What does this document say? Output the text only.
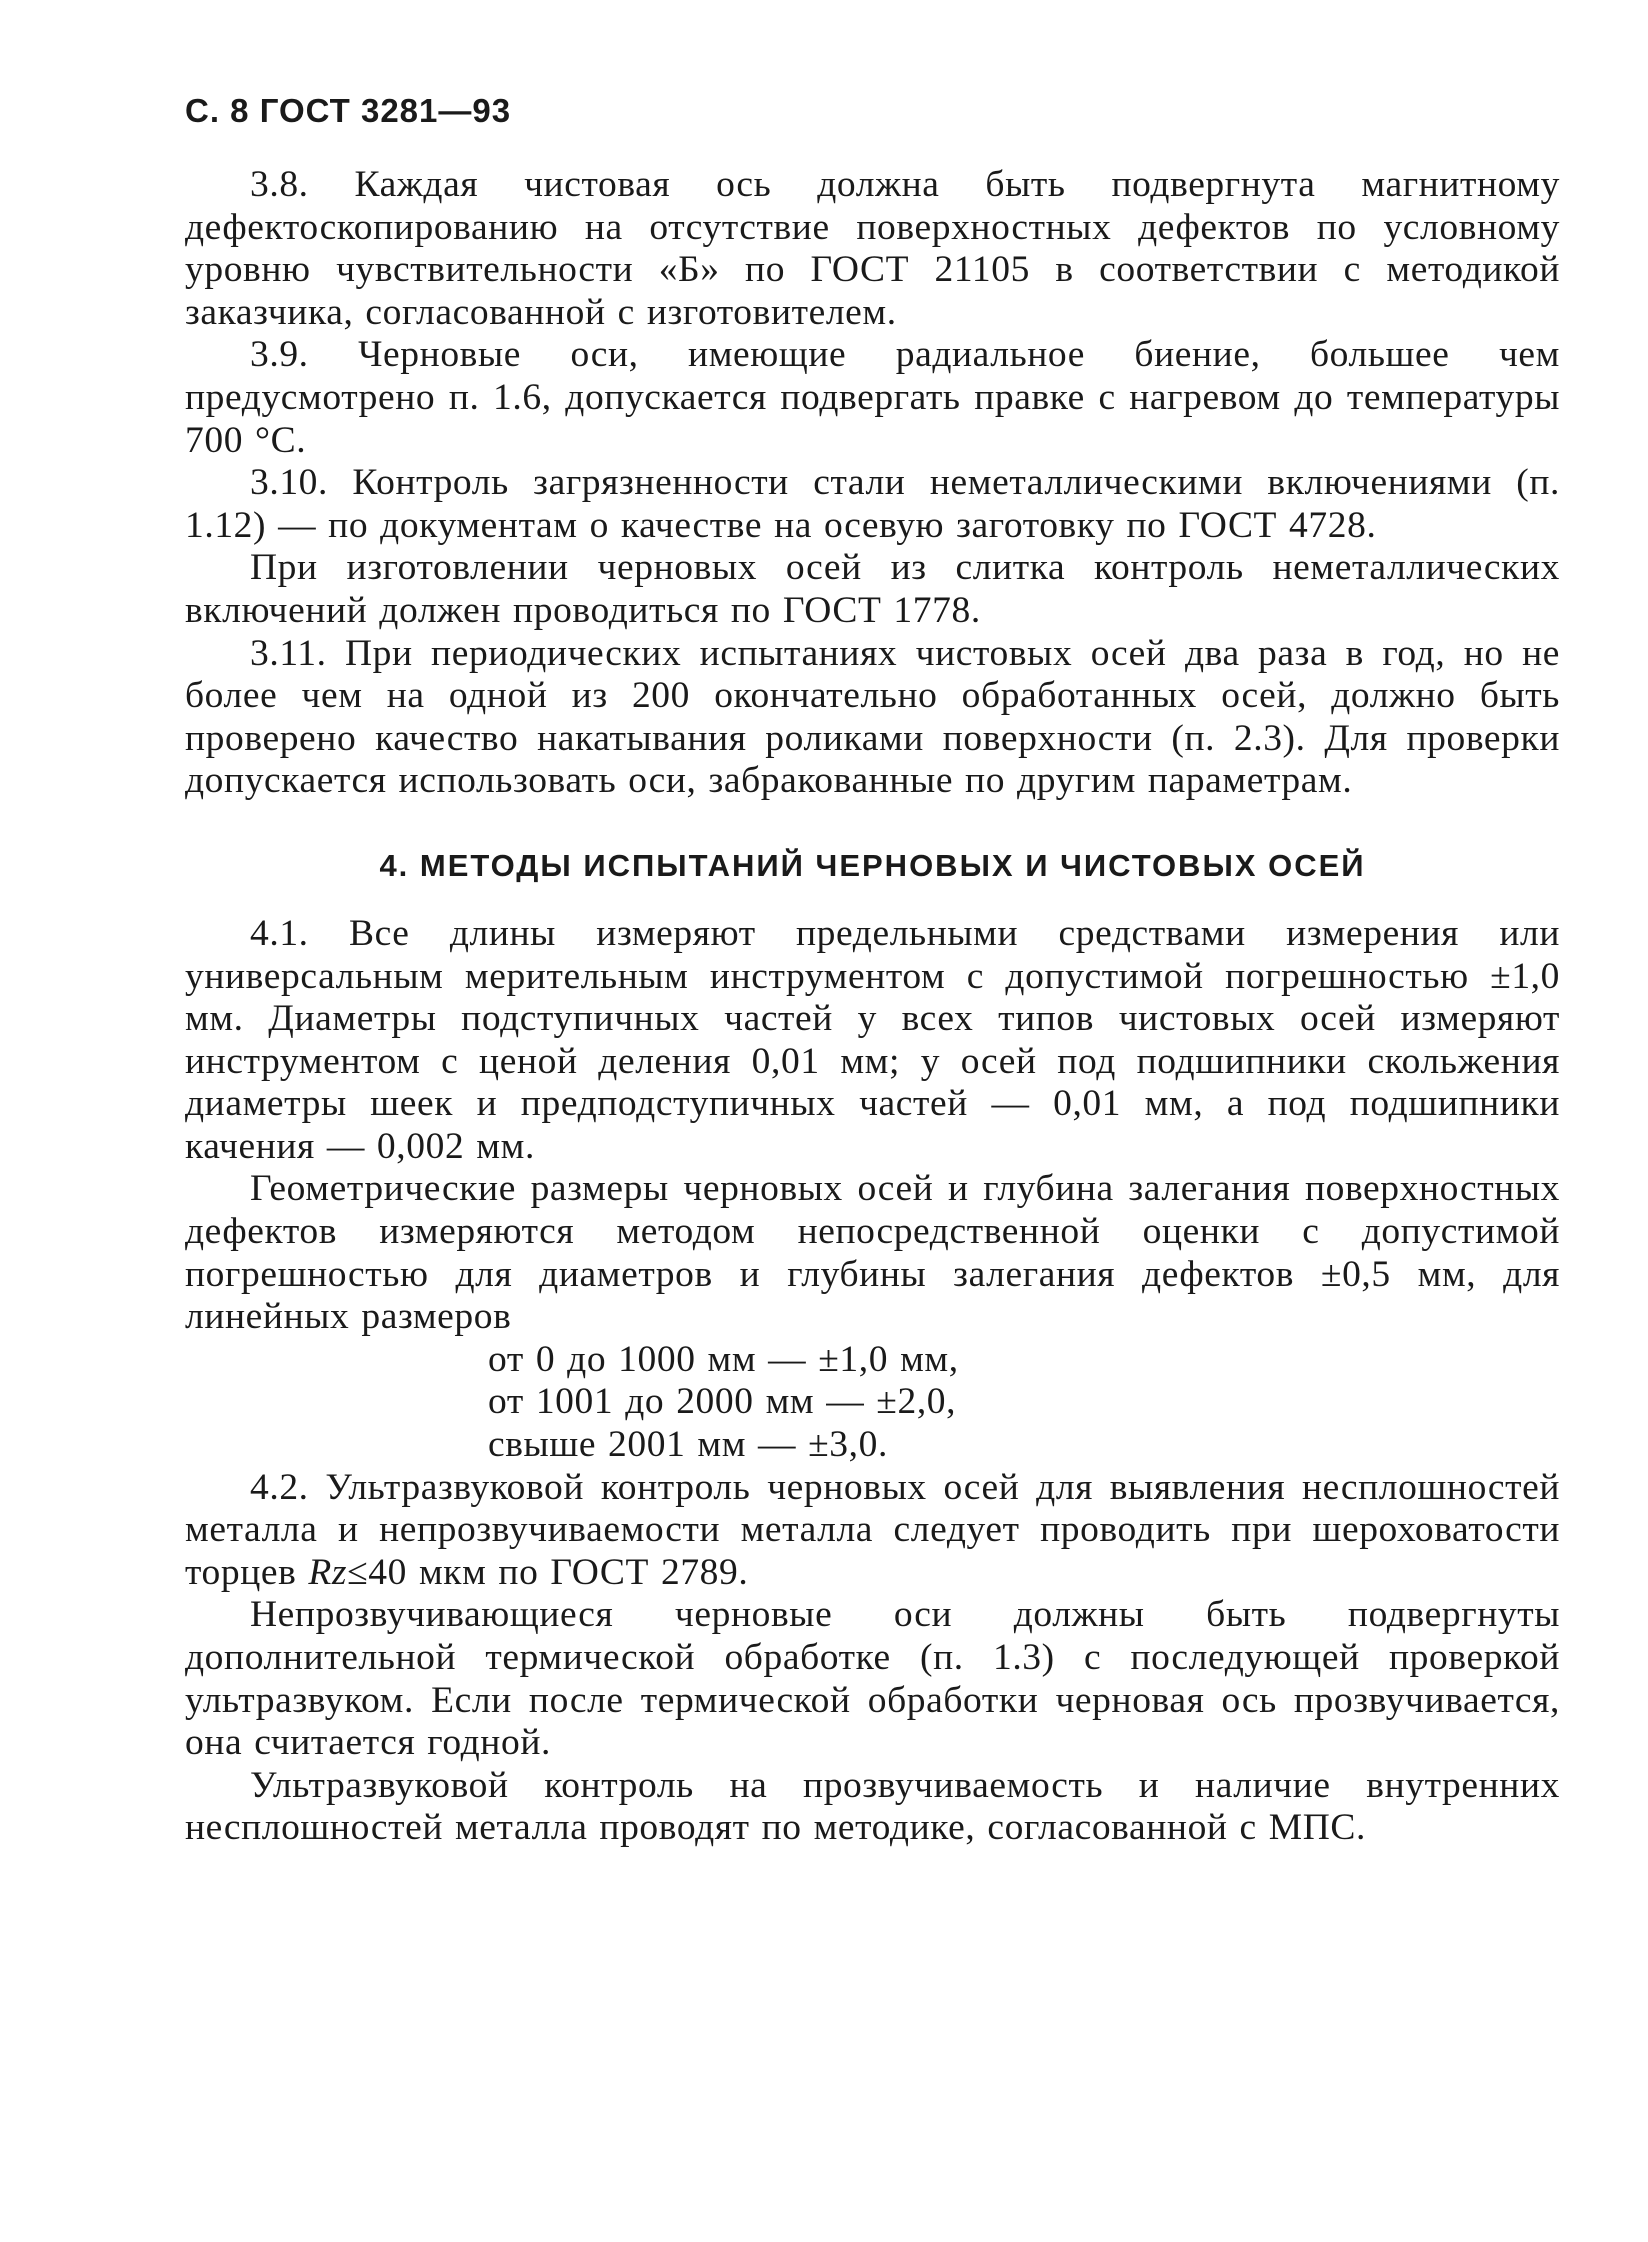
С. 8 ГОСТ 3281—93

3.8. Каждая чистовая ось должна быть подвергнута магнитному дефектоскопированию на отсутствие поверхностных дефектов по условному уровню чувствительности «Б» по ГОСТ 21105 в соответствии с методикой заказчика, согласованной с изготовителем.

3.9. Черновые оси, имеющие радиальное биение, большее чем предусмотрено п. 1.6, допускается подвергать правке с нагревом до температуры 700 °С.

3.10. Контроль загрязненности стали неметаллическими включениями (п. 1.12) — по документам о качестве на осевую заготовку по ГОСТ 4728.

При изготовлении черновых осей из слитка контроль неметаллических включений должен проводиться по ГОСТ 1778.

3.11. При периодических испытаниях чистовых осей два раза в год, но не более чем на одной из 200 окончательно обработанных осей, должно быть проверено качество накатывания роликами поверхности (п. 2.3). Для проверки допускается использовать оси, забракованные по другим параметрам.

4. МЕТОДЫ ИСПЫТАНИЙ ЧЕРНОВЫХ И ЧИСТОВЫХ ОСЕЙ

4.1. Все длины измеряют предельными средствами измерения или универсальным мерительным инструментом с допустимой погрешностью ±1,0 мм. Диаметры подступичных частей у всех типов чистовых осей измеряют инструментом с ценой деления 0,01 мм; у осей под подшипники скольжения диаметры шеек и предподступичных частей — 0,01 мм, а под подшипники качения — 0,002 мм.

Геометрические размеры черновых осей и глубина залегания поверхностных дефектов измеряются методом непосредственной оценки с допустимой погрешностью для диаметров и глубины залегания дефектов ±0,5 мм, для линейных размеров

от 0 до 1000 мм — ±1,0 мм,
от 1001 до 2000 мм — ±2,0,
свыше 2001 мм — ±3,0.

4.2. Ультразвуковой контроль черновых осей для выявления несплошностей металла и непрозвучиваемости металла следует проводить при шероховатости торцев Rz≤40 мкм по ГОСТ 2789.

Непрозвучивающиеся черновые оси должны быть подвергнуты дополнительной термической обработке (п. 1.3) с последующей проверкой ультразвуком. Если после термической обработки черновая ось прозвучивается, она считается годной.

Ультразвуковой контроль на прозвучиваемость и наличие внутренних несплошностей металла проводят по методике, согласованной с МПС.
